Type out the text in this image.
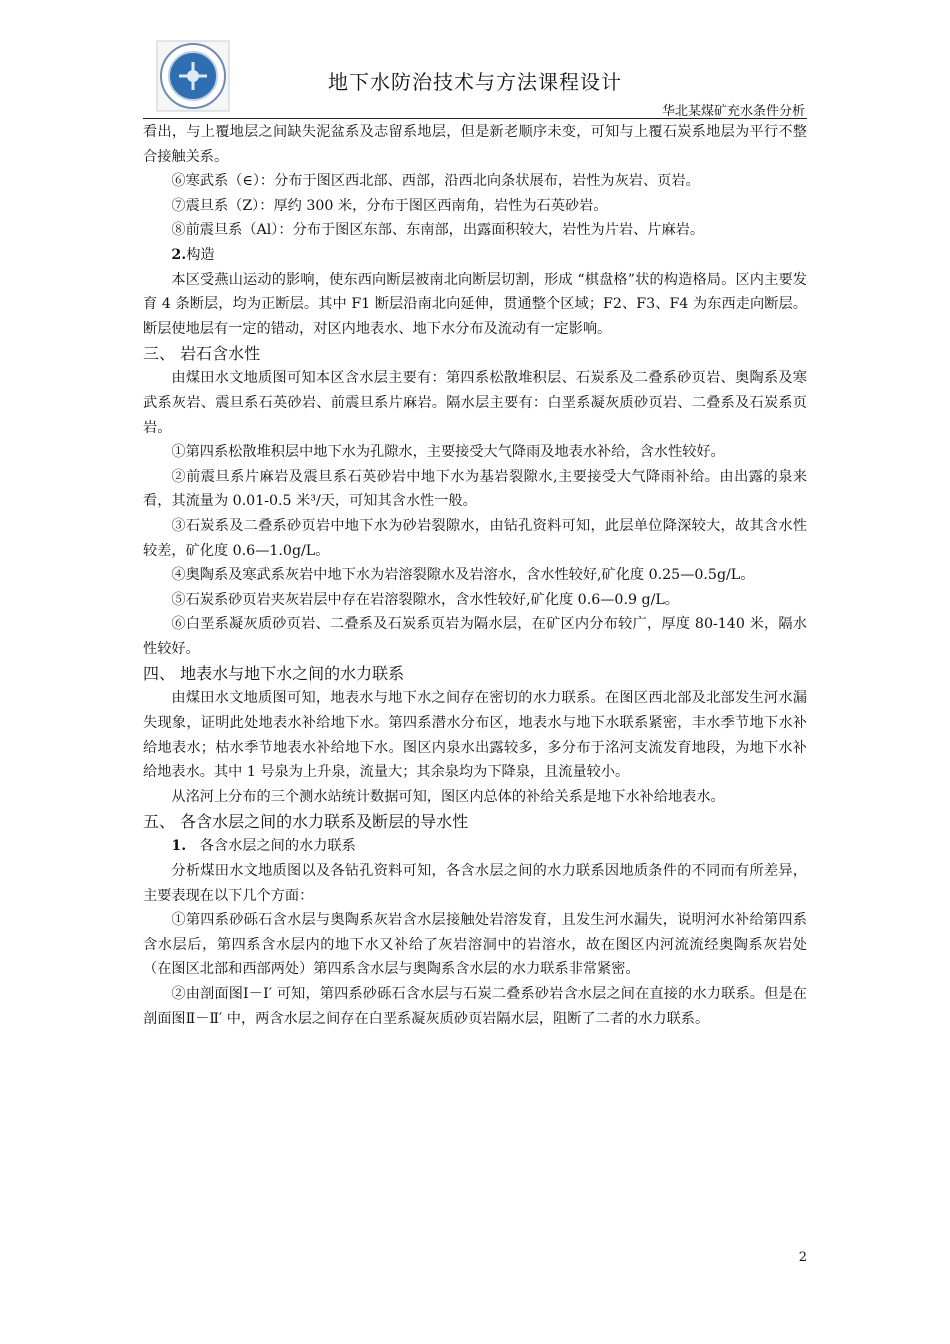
地下水防治技术与方法课程设计
华北某煤矿充水条件分析

看出，与上覆地层之间缺失泥盆系及志留系地层，但是新老顺序未变，可知与上覆石炭系地层为平行不整合接触关系。

⑥寒武系（∈）：分布于图区西北部、西部，沿西北向条状展布，岩性为灰岩、页岩。

⑦震旦系（Z）：厚约 300 米，分布于图区西南角，岩性为石英砂岩。

⑧前震旦系（Al）：分布于图区东部、东南部，出露面积较大，岩性为片岩、片麻岩。

2.构造

本区受燕山运动的影响，使东西向断层被南北向断层切割，形成 “棋盘格”状的构造格局。区内主要发育 4 条断层，均为正断层。其中 F1 断层沿南北向延伸，贯通整个区域；F2、F3、F4 为东西走向断层。断层使地层有一定的错动，对区内地表水、地下水分布及流动有一定影响。

三、 岩石含水性

由煤田水文地质图可知本区含水层主要有：第四系松散堆积层、石炭系及二叠系砂页岩、奥陶系及寒武系灰岩、震旦系石英砂岩、前震旦系片麻岩。隔水层主要有：白垩系凝灰质砂页岩、二叠系及石炭系页岩。

①第四系松散堆积层中地下水为孔隙水，主要接受大气降雨及地表水补给，含水性较好。

②前震旦系片麻岩及震旦系石英砂岩中地下水为基岩裂隙水,主要接受大气降雨补给。由出露的泉来看，其流量为 0.01-0.5 米³/天，可知其含水性一般。

③石炭系及二叠系砂页岩中地下水为砂岩裂隙水，由钻孔资料可知，此层单位降深较大，故其含水性较差，矿化度 0.6—1.0g/L。

④奥陶系及寒武系灰岩中地下水为岩溶裂隙水及岩溶水，含水性较好,矿化度 0.25—0.5g/L。

⑤石炭系砂页岩夹灰岩层中存在岩溶裂隙水，含水性较好,矿化度 0.6—0.9 g/L。

⑥白垩系凝灰质砂页岩、二叠系及石炭系页岩为隔水层，在矿区内分布较广，厚度 80-140 米，隔水性较好。

四、 地表水与地下水之间的水力联系

由煤田水文地质图可知，地表水与地下水之间存在密切的水力联系。在图区西北部及北部发生河水漏失现象，证明此处地表水补给地下水。第四系潜水分布区，地表水与地下水联系紧密，丰水季节地下水补给地表水；枯水季节地表水补给地下水。图区内泉水出露较多，多分布于洺河支流发育地段，为地下水补给地表水。其中 1 号泉为上升泉，流量大；其余泉均为下降泉，且流量较小。

从洺河上分布的三个测水站统计数据可知，图区内总体的补给关系是地下水补给地表水。

五、 各含水层之间的水力联系及断层的导水性

1. 各含水层之间的水力联系

分析煤田水文地质图以及各钻孔资料可知，各含水层之间的水力联系因地质条件的不同而有所差异，主要表现在以下几个方面：

①第四系砂砾石含水层与奥陶系灰岩含水层接触处岩溶发育，且发生河水漏失，说明河水补给第四系含水层后，第四系含水层内的地下水又补给了灰岩溶洞中的岩溶水，故在图区内河流流经奥陶系灰岩处（在图区北部和西部两处）第四系含水层与奥陶系含水层的水力联系非常紧密。

②由剖面图Ⅰ－Ⅰ′ 可知，第四系砂砾石含水层与石炭二叠系砂岩含水层之间在直接的水力联系。但是在剖面图Ⅱ－Ⅱ′ 中，两含水层之间存在白垩系凝灰质砂页岩隔水层，阻断了二者的水力联系。

2
